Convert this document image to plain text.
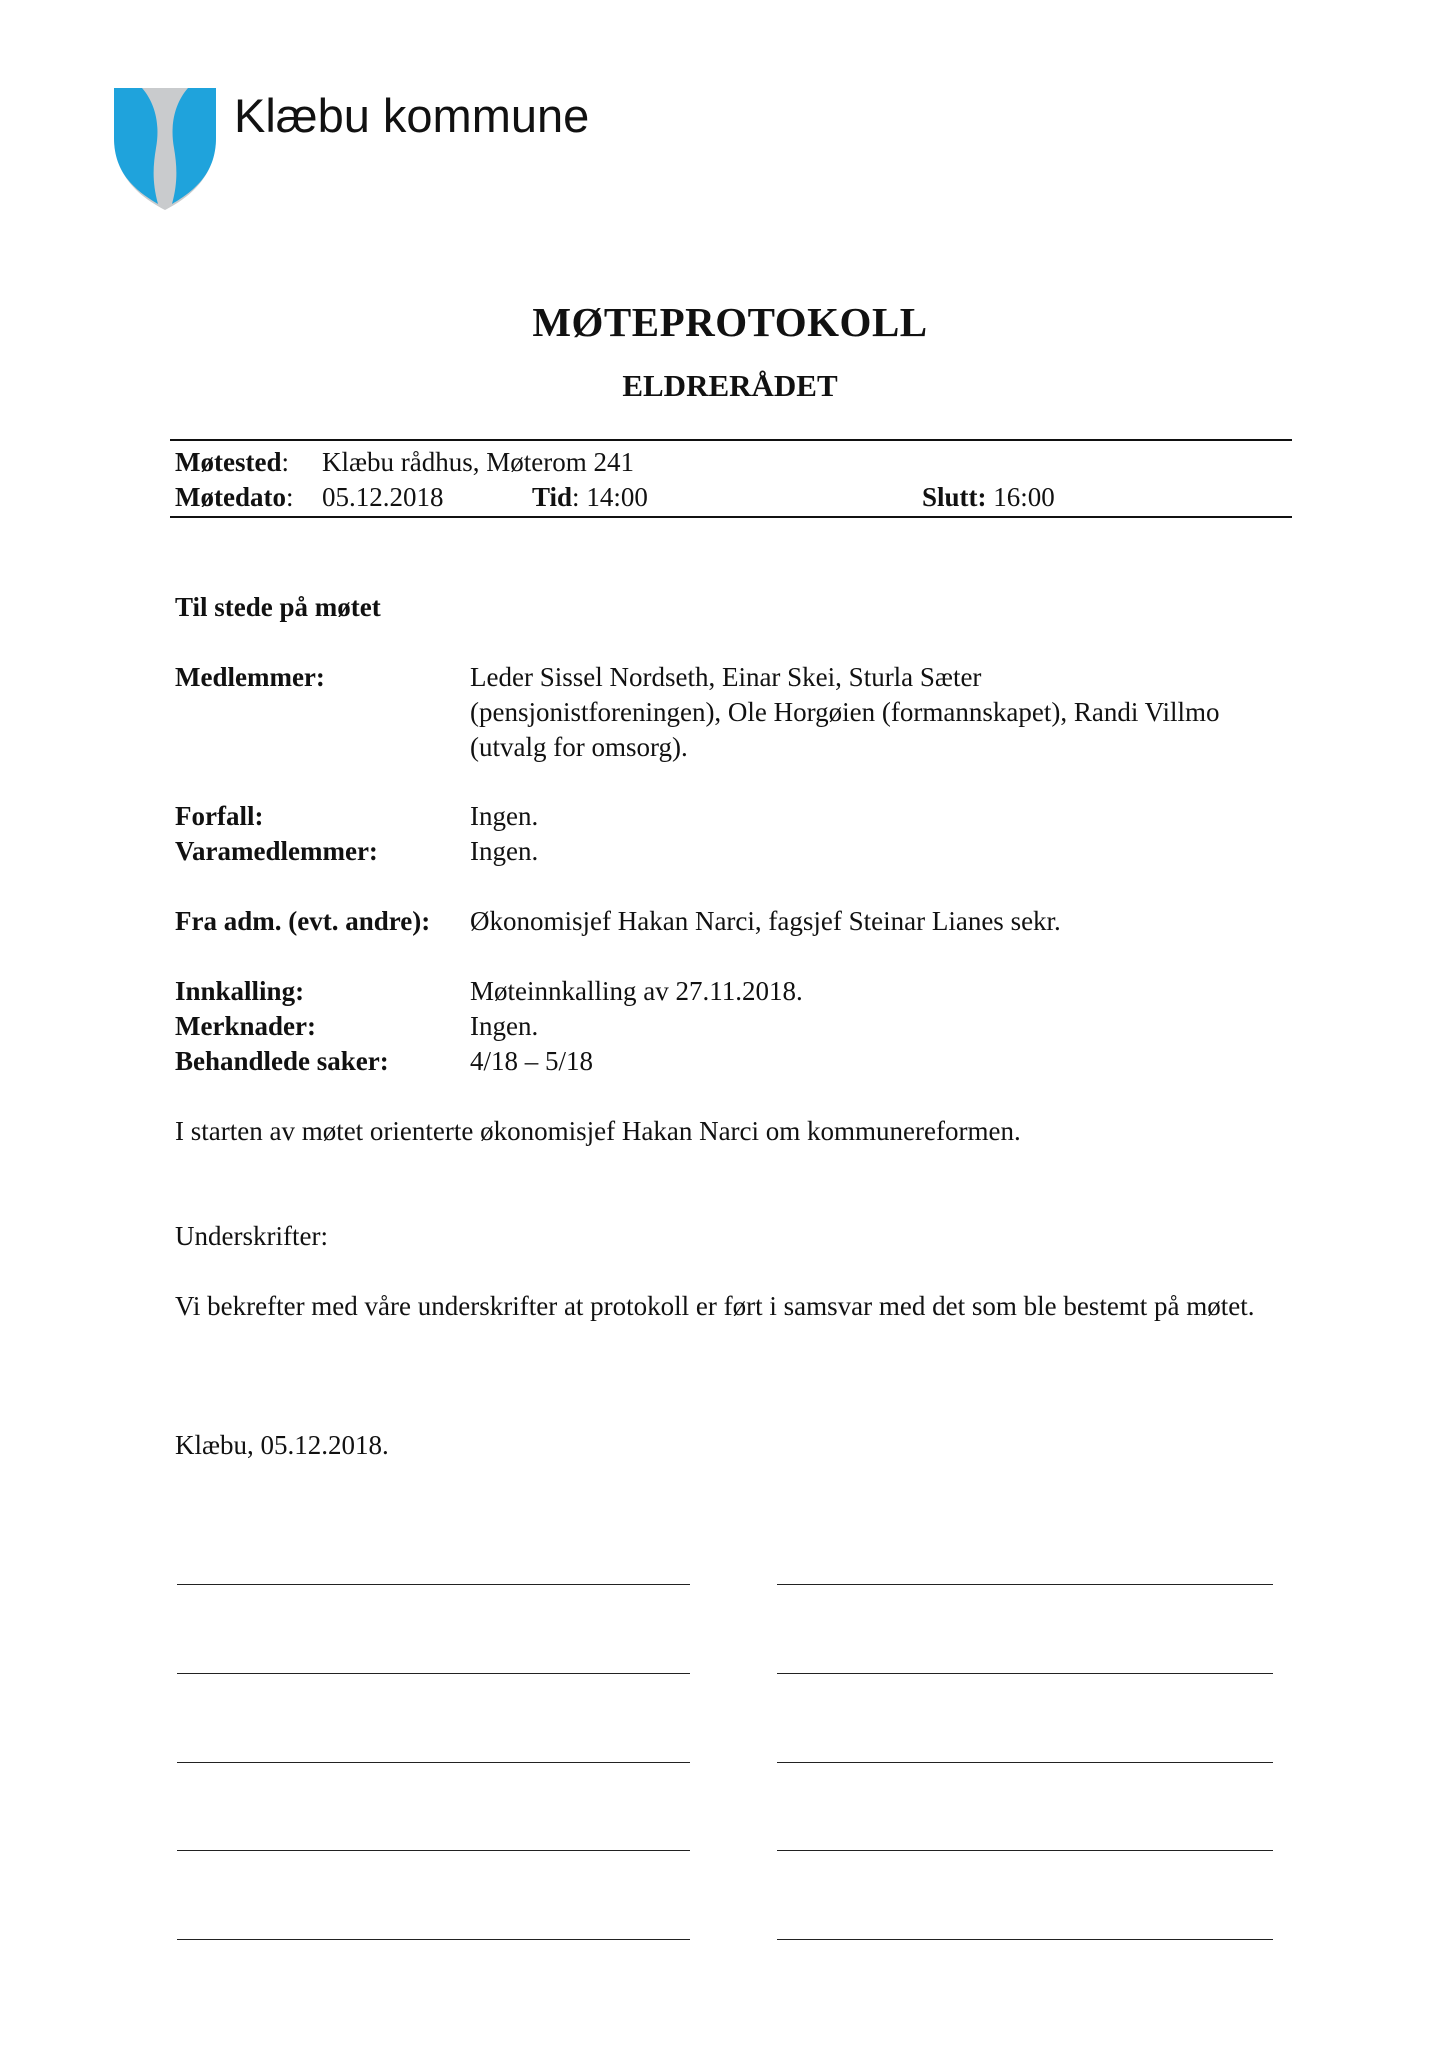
Klæbu kommune
MØTEPROTOKOLL
ELDRERÅDET
Møtested: Klæbu rådhus, Møterom 241
Møtedato: 05.12.2018	Tid: 14:00	Slutt: 16:00
Til stede på møtet
Medlemmer:	Leder Sissel Nordseth, Einar Skei, Sturla Sæter (pensjonistforeningen), Ole Horgøien (formannskapet), Randi Villmo (utvalg for omsorg).
Forfall:	Ingen.
Varamedlemmer:	Ingen.
Fra adm. (evt. andre): Økonomisjef Hakan Narci, fagsjef Steinar Lianes sekr.
Innkalling:	Møteinnkalling av 27.11.2018.
Merknader:	Ingen.
Behandlede saker:	4/18 – 5/18
I starten av møtet orienterte økonomisjef Hakan Narci om kommunereformen.
Underskrifter:
Vi bekrefter med våre underskrifter at protokoll er ført i samsvar med det som ble bestemt på møtet.
Klæbu, 05.12.2018.
